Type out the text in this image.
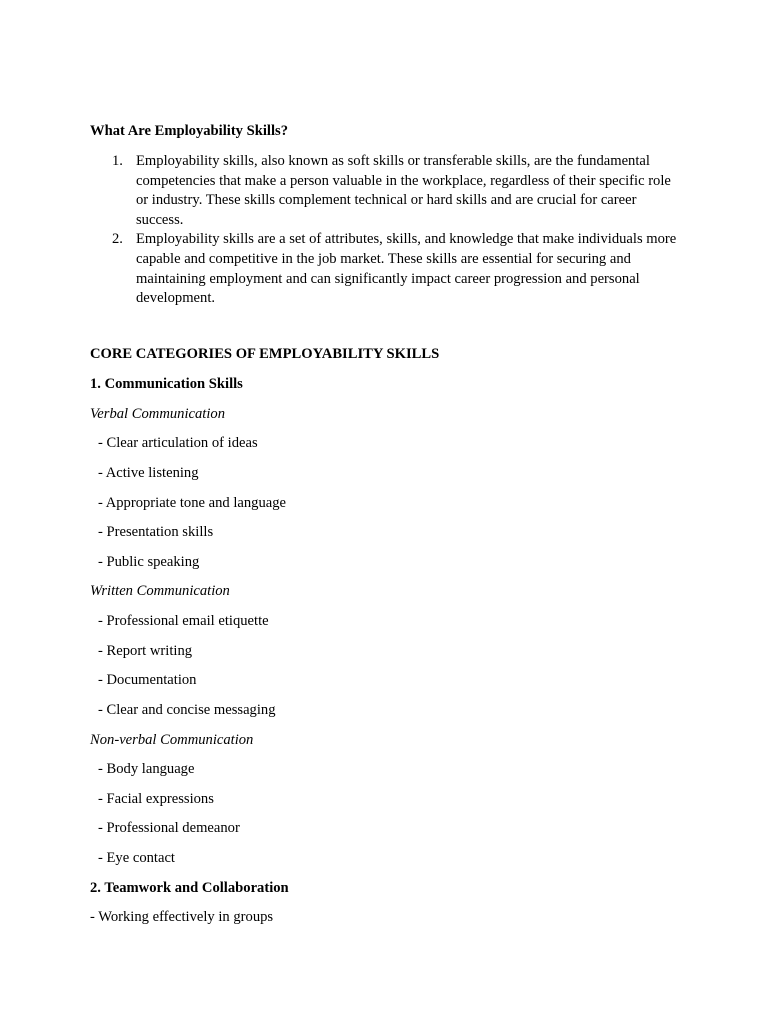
What Are Employability Skills?

1. Employability skills, also known as soft skills or transferable skills, are the fundamental competencies that make a person valuable in the workplace, regardless of their specific role or industry. These skills complement technical or hard skills and are crucial for career success.
2. Employability skills are a set of attributes, skills, and knowledge that make individuals more capable and competitive in the job market. These skills are essential for securing and maintaining employment and can significantly impact career progression and personal development.

CORE CATEGORIES OF EMPLOYABILITY SKILLS

1. Communication Skills

Verbal Communication

- Clear articulation of ideas

- Active listening

- Appropriate tone and language

- Presentation skills

- Public speaking

Written Communication

- Professional email etiquette

- Report writing

- Documentation

- Clear and concise messaging

Non-verbal Communication

- Body language

- Facial expressions

- Professional demeanor

- Eye contact

2. Teamwork and Collaboration

- Working effectively in groups
